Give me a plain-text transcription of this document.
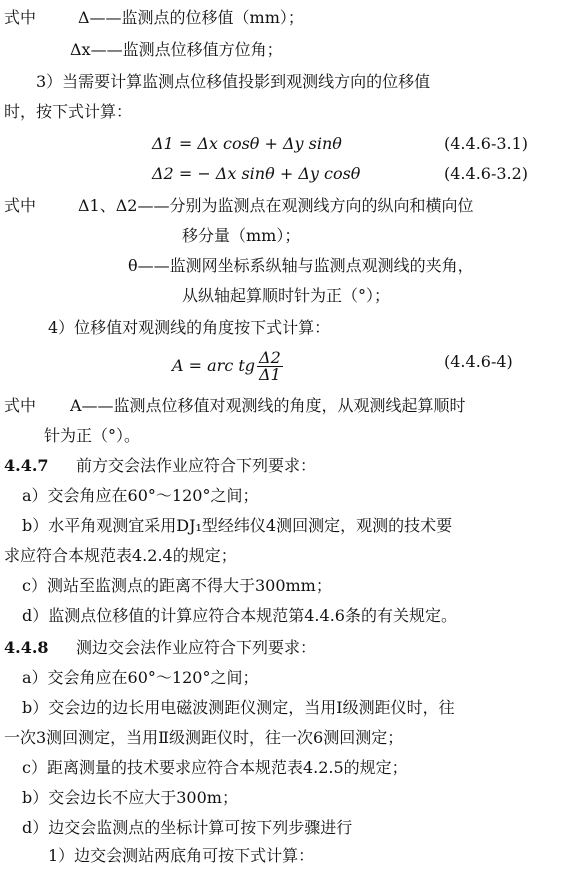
式中	Δ——监测点的位移值（mm）；
Δx——监测点位移值方位角；
3）当需要计算监测点位移值投影到观测线方向的位移值
时，按下式计算：
Δ1 = Δx cosθ + Δy sinθ	(4.4.6-3.1)
Δ2 = − Δx sinθ + Δy cosθ	(4.4.6-3.2)
式中	Δ1、Δ2——分别为监测点在观测线方向的纵向和横向位
移分量（mm）；
θ——监测网坐标系纵轴与监测点观测线的夹角，
从纵轴起算顺时针为正（°）；
4）位移值对观测线的角度按下式计算：
A = arc tg $\frac{\Delta 2}{\Delta 1}$	(4.4.6-4)
式中 A——监测点位移值对观测线的角度，从观测线起算顺时
针为正（°）。
4.4.7 前方交会法作业应符合下列要求：
a）交会角应在60°～120°之间；
b）水平角观测宜采用DJ₁型经纬仪4测回测定，观测的技术要
求应符合本规范表4.2.4的规定；
c）测站至监测点的距离不得大于300mm；
d）监测点位移值的计算应符合本规范第4.4.6条的有关规定。
4.4.8 测边交会法作业应符合下列要求：
a）交会角应在60°～120°之间；
b）交会边的边长用电磁波测距仪测定，当用Ⅰ级测距仪时，往
一次3测回测定，当用Ⅱ级测距仪时，往一次6测回测定；
c）距离测量的技术要求应符合本规范表4.2.5的规定；
b）交会边长不应大于300m；
d）边交会监测点的坐标计算可按下列步骤进行
1）边交会测站两底角可按下式计算：
